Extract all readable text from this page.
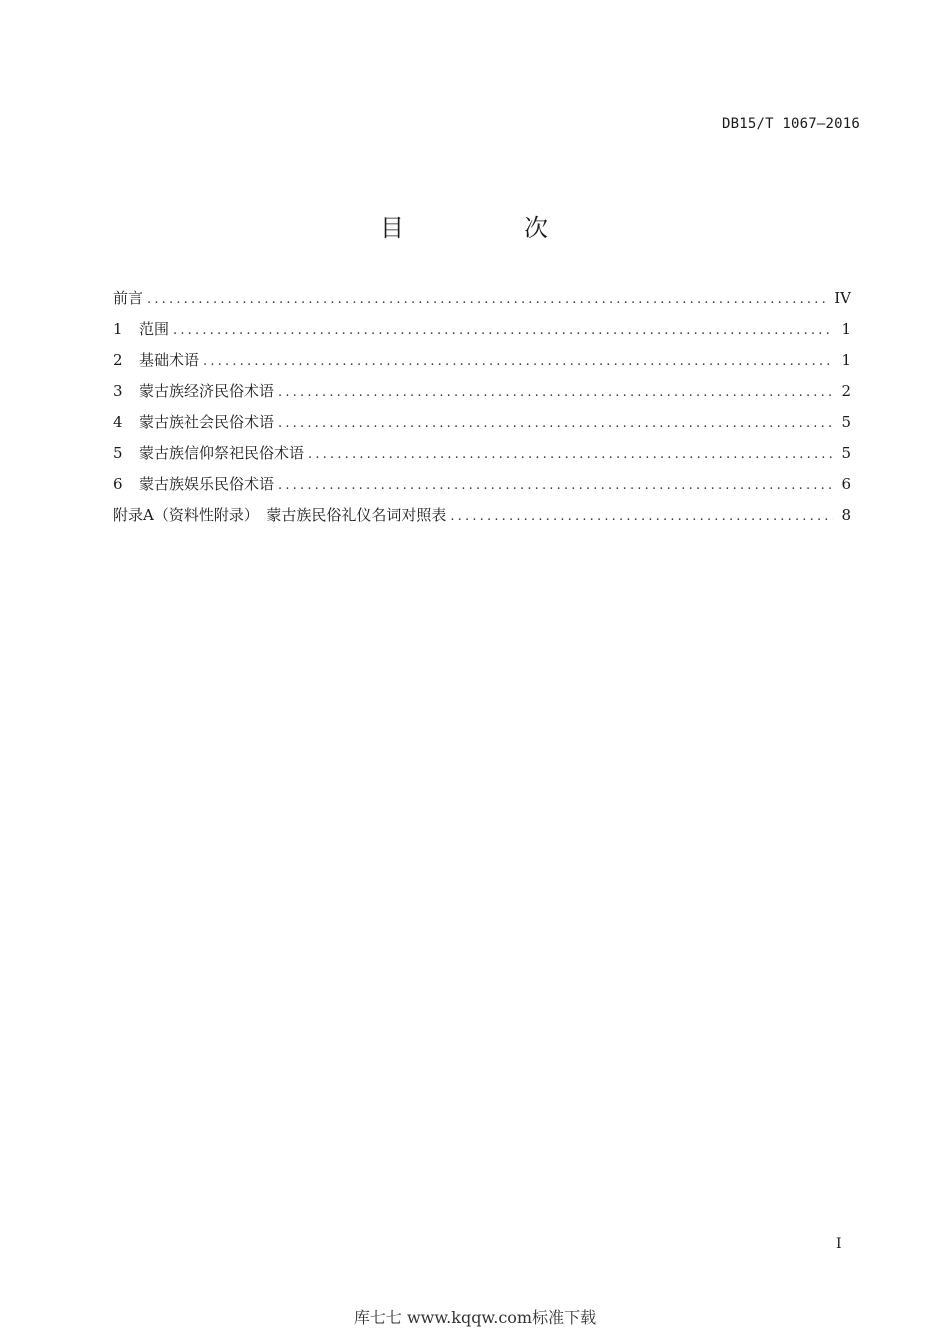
DB15/T 1067—2016
目　次
前言 .....	IV
1	范围 .....	1
2	基础术语 .....	1
3	蒙古族经济民俗术语 .....	2
4	蒙古族社会民俗术语 .....	5
5	蒙古族信仰祭祀民俗术语 .....	5
6	蒙古族娱乐民俗术语 .....	6
附录A（资料性附录）　蒙古族民俗礼仪名词对照表 .....	8
I
库七七 www.kqqw.com标准下载
